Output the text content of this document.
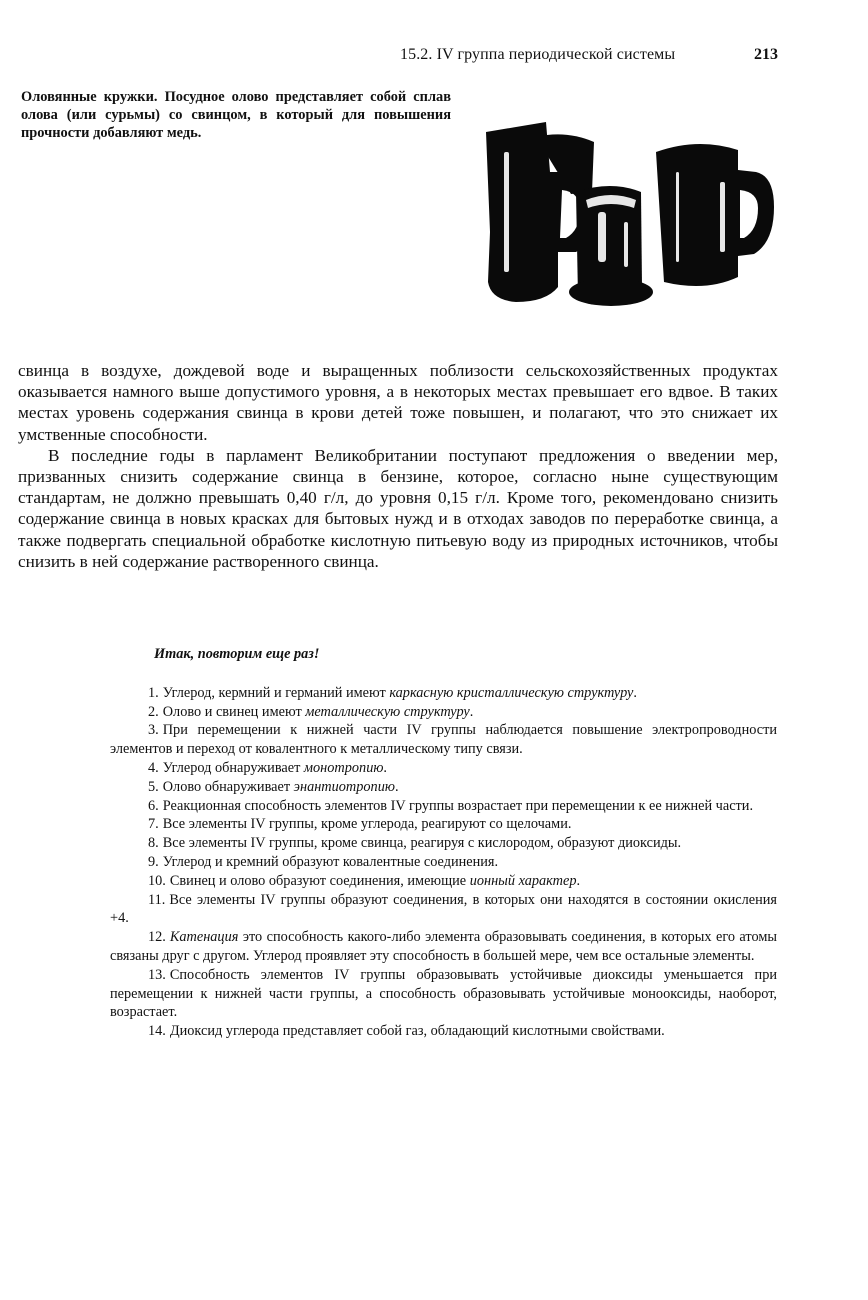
15.2. IV группа периодической системы	213
Оловянные кружки. Посудное олово представляет собой сплав олова (или сурьмы) со свинцом, в который для повышения прочности добавляют медь.

свинца в воздухе, дождевой воде и выращенных поблизости сельскохозяйственных продуктах оказывается намного выше допустимого уровня, а в некоторых местах превышает его вдвое. В таких местах уровень содержания свинца в крови детей тоже повышен, и полагают, что это снижает их умственные способности.

В последние годы в парламент Великобритании поступают предложения о введении мер, призванных снизить содержание свинца в бензине, которое, согласно ныне существующим стандартам, не должно превышать 0,40 г/л, до уровня 0,15 г/л. Кроме того, рекомендовано снизить содержание свинца в новых красках для бытовых нужд и в отходах заводов по переработке свинца, а также подвергать специальной обработке кислотную питьевую воду из природных источников, чтобы снизить в ней содержание растворенного свинца.

Итак, повторим еще раз!
1. Углерод, кермний и германий имеют каркасную кристаллическую структуру.
2. Олово и свинец имеют металлическую структуру.
3. При перемещении к нижней части IV группы наблюдается повышение электропроводности элементов и переход от ковалентного к металлическому типу связи.
4. Углерод обнаруживает монотропию.
5. Олово обнаруживает энантиотропию.
6. Реакционная способность элементов IV группы возрастает при перемещении к ее нижней части.
7. Все элементы IV группы, кроме углерода, реагируют со щелочами.
8. Все элементы IV группы, кроме свинца, реагируя с кислородом, образуют диоксиды.
9. Углерод и кремний образуют ковалентные соединения.
10. Свинец и олово образуют соединения, имеющие ионный характер.
11. Все элементы IV группы образуют соединения, в которых они находятся в состоянии окисления +4.
12. Катенация это способность какого-либо элемента образовывать соединения, в которых его атомы связаны друг с другом. Углерод проявляет эту способность в большей мере, чем все остальные элементы.
13. Способность элементов IV группы образовывать устойчивые диоксиды уменьшается при перемещении к нижней части группы, а способность образовывать устойчивые монооксиды, наоборот, возрастает.
14. Диоксид углерода представляет собой газ, обладающий кислотными свойствами.
